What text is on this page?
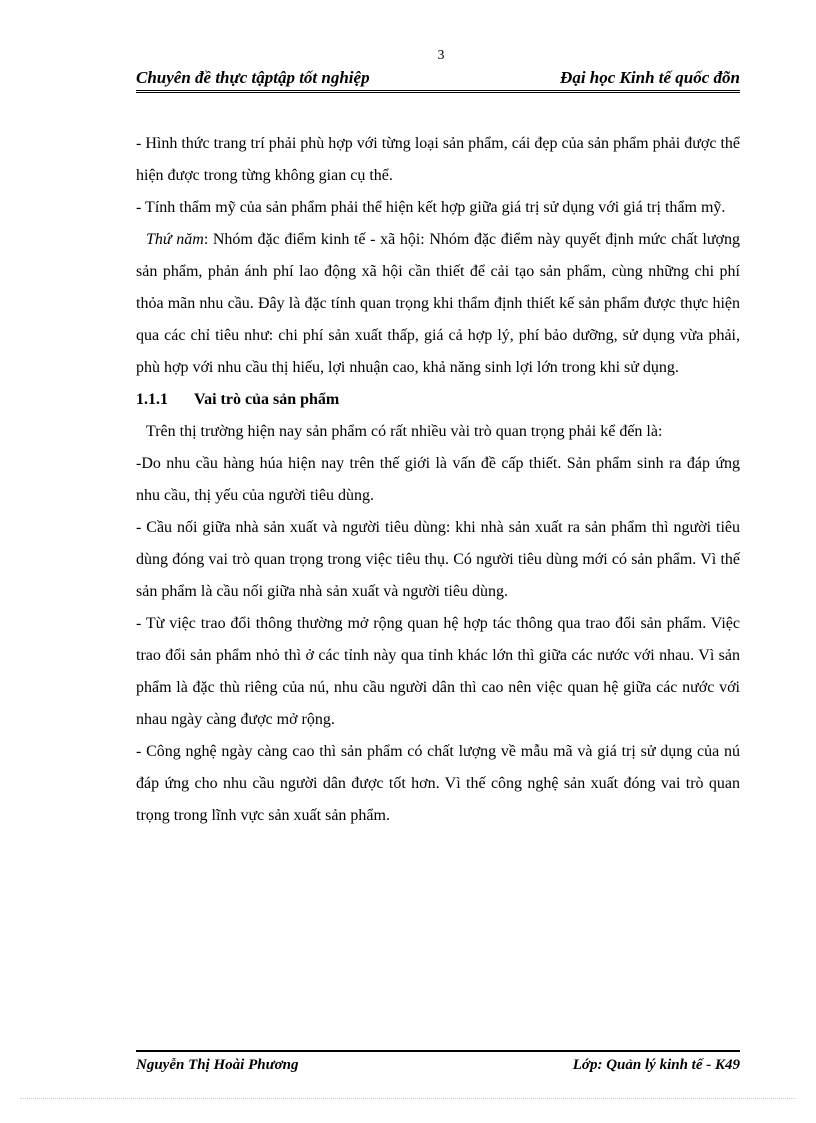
3
Chuyên đề thực tậptập tốt nghiệp	Đại học Kinh tế quốc đõn

- Hình thức trang trí phải phù hợp với từng loại sản phẩm, cái đẹp của sản phẩm phải được thể hiện được trong từng không gian cụ thể.

- Tính thẩm mỹ của sản phẩm phải thể hiện kết hợp giữa giá trị sử dụng với giá trị thẩm mỹ.

Thứ năm: Nhóm đặc điểm kinh tế - xã hội: Nhóm đặc điểm này quyết định mức chất lượng sản phẩm, phản ánh phí lao động xã hội cần thiết để cải tạo sản phẩm, cùng những chi phí thỏa mãn nhu cầu. Đây là đặc tính quan trọng khi thẩm định thiết kế sản phẩm được thực hiện qua các chỉ tiêu như: chi phí sản xuất thấp, giá cả hợp lý, phí bảo dưỡng, sử dụng vừa phải, phù hợp với nhu cầu thị hiếu, lợi nhuận cao, khả năng sinh lợi lớn trong khi sử dụng.

1.1.1 Vai trò của sản phẩm

Trên thị trường hiện nay sản phẩm có rất nhiều vài trò quan trọng phải kể đến là:

-Do nhu cầu hàng húa hiện nay trên thế giới là vấn đề cấp thiết. Sản phẩm sinh ra đáp ứng nhu cầu, thị yếu của người tiêu dùng.

- Cầu nối giữa nhà sản xuất và người tiêu dùng: khi nhà sản xuất ra sản phẩm thì người tiêu dùng đóng vai trò quan trọng trong việc tiêu thụ. Có người tiêu dùng mới có sản phẩm. Vì thế sản phẩm là cầu nối giữa nhà sản xuất và người tiêu dùng.

- Từ việc trao đổi thông thường mở rộng quan hệ hợp tác thông qua trao đổi sản phẩm. Việc trao đổi sản phẩm nhỏ thì ở các tỉnh này qua tỉnh khác lớn thì giữa các nước với nhau. Vì sản phẩm là đặc thù riêng của nú, nhu cầu người dân thì cao nên việc quan hệ giữa các nước với nhau ngày càng được mở rộng.

- Công nghệ ngày càng cao thì sản phẩm có chất lượng về mẫu mã và giá trị sử dụng của nú đáp ứng cho nhu cầu người dân được tốt hơn. Vì thế công nghệ sản xuất đóng vai trò quan trọng trong lĩnh vực sản xuất sản phẩm.

Nguyễn Thị Hoài Phương	Lớp: Quản lý kinh tế - K49
